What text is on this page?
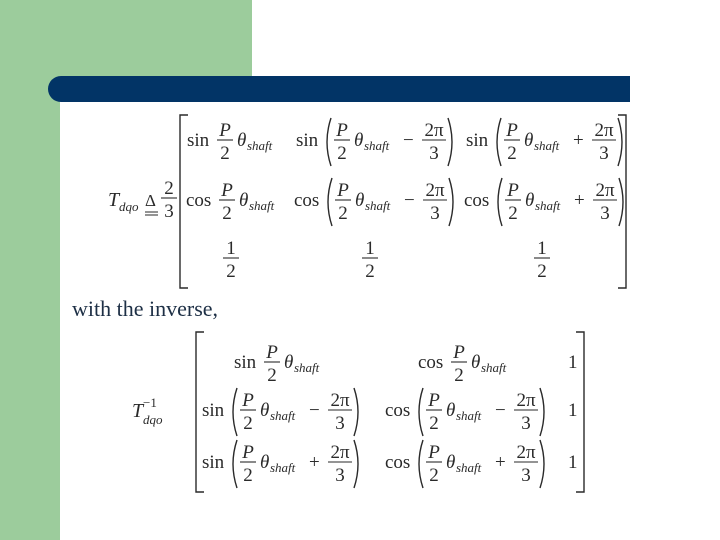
T dqo Δ
2
3
sin P
2
θ shaft sin P
2
θ shaft − 2π
3
sin P
2
θ shaft + 2π
3
cos P
2
θ shaft cos P
2
θ shaft − 2π
3
cos P
2
θ shaft + 2π
3
1
2
1
2
1
2
T dqo
−1
sin P
2
θ shaft	cos P
2
θ shaft	1
sin P
2
θ shaft − 2π
3
cos P
2
θ shaft − 2π
3
1
sin P
2
θ shaft + 2π
3
cos P
2
θ shaft + 2π
3
1
with the inverse,
